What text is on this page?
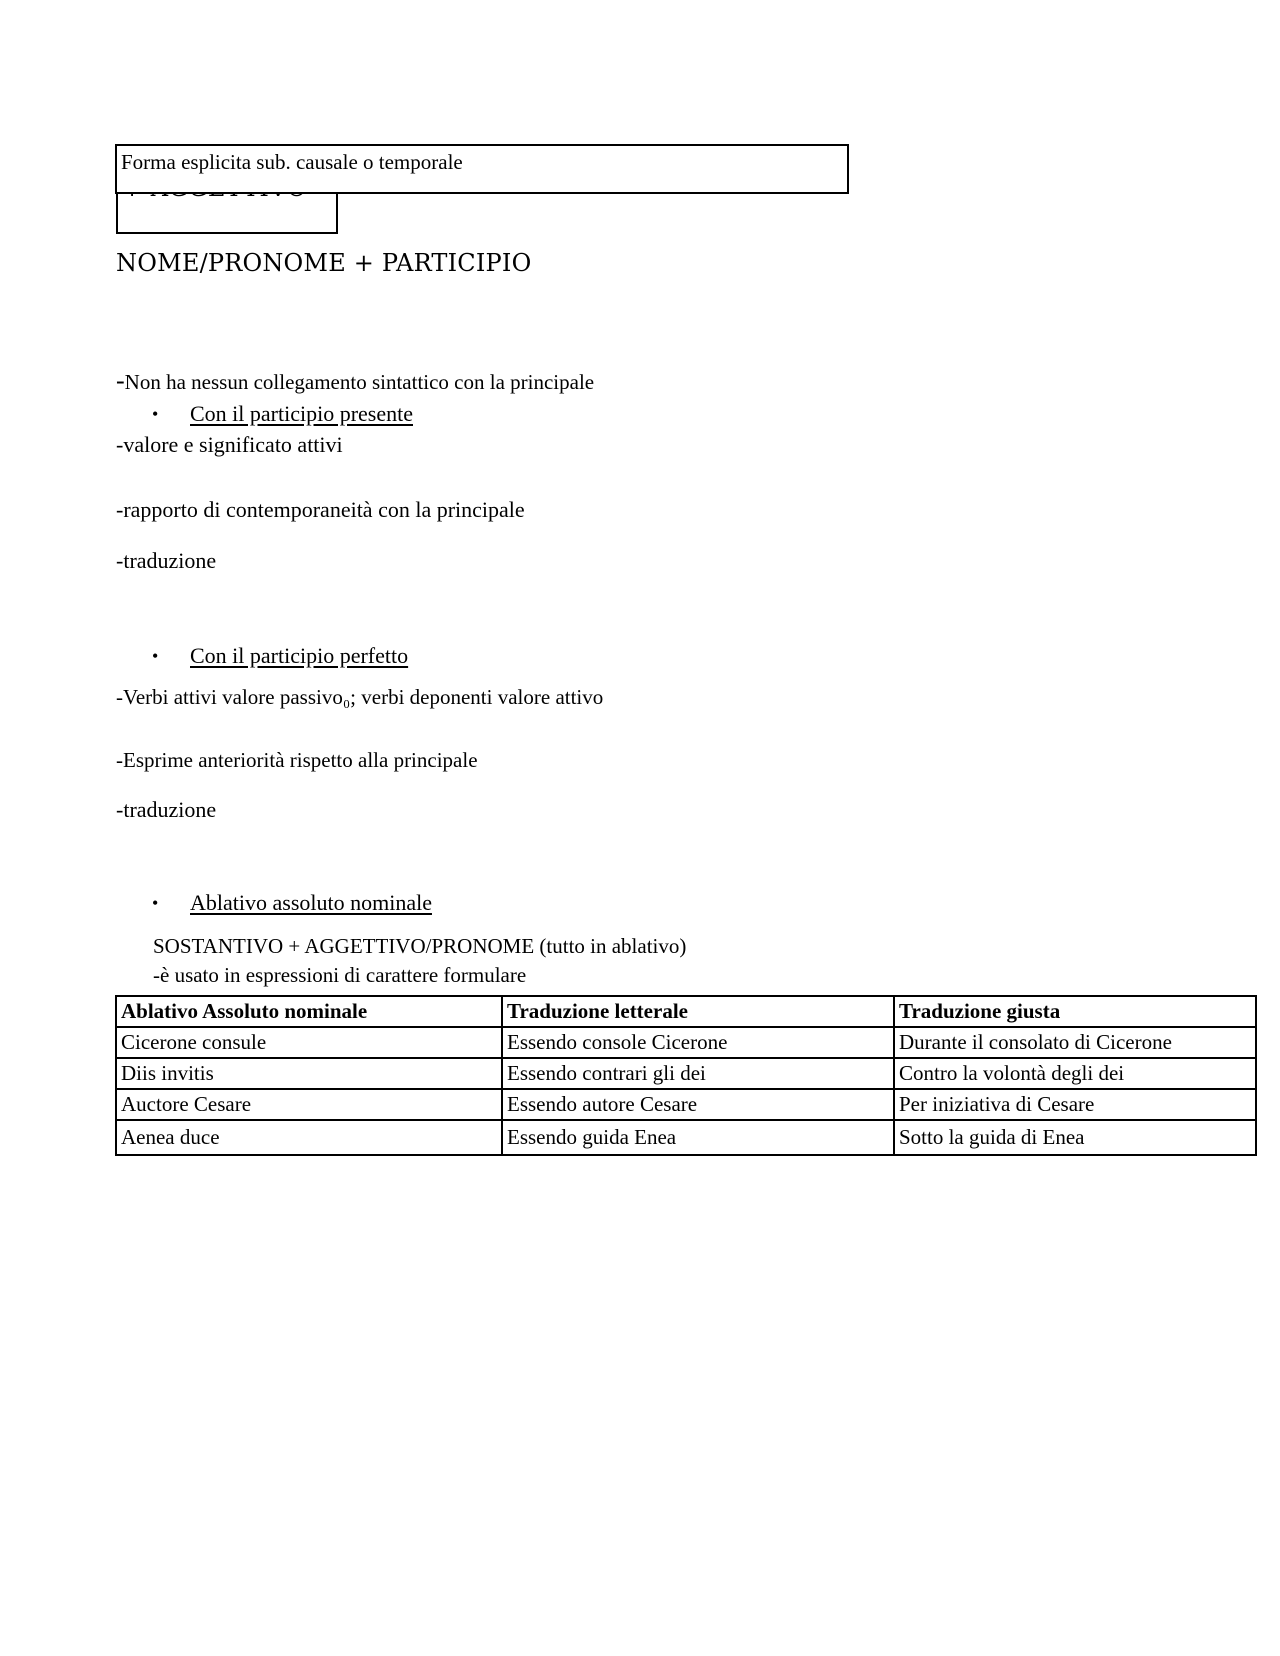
Forma esplicita sub. causale o temporale
NOME/PRONOME + PARTICIPIO
-Non ha nessun collegamento sintattico con la principale
• Con il participio presente
-valore e significato attivi
-rapporto di contemporaneità con la principale
-traduzione
• Con il participio perfetto
-Verbi attivi valore passivo₀; verbi deponenti valore attivo
-Esprime anteriorità rispetto alla principale
-traduzione
• Ablativo assoluto nominale
SOSTANTIVO + AGGETTIVO/PRONOME (tutto in ablativo)
-è usato in espressioni di carattere formulare
Ablativo Assoluto nominale	Traduzione letterale	Traduzione giusta
Cicerone consule	Essendo console Cicerone	Durante il consolato di Cicerone
Diis invitis	Essendo contrari gli dei	Contro la volontà degli dei
Auctore Cesare	Essendo autore Cesare	Per iniziativa di Cesare
Aenea duce	Essendo guida Enea	Sotto la guida di Enea
